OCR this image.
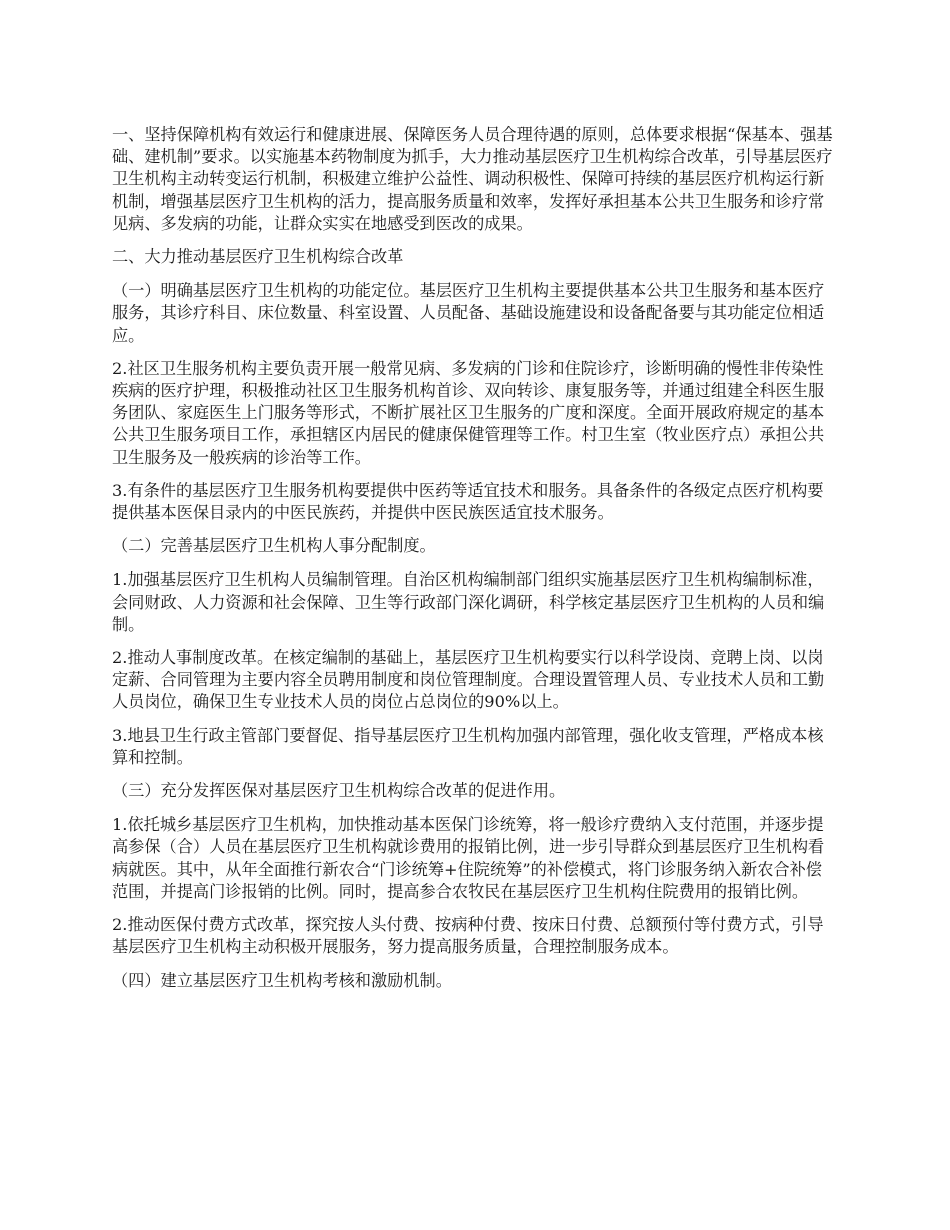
一、坚持保障机构有效运行和健康进展、保障医务人员合理待遇的原则，总体要求根据“保基本、强基础、建机制”要求。以实施基本药物制度为抓手，大力推动基层医疗卫生机构综合改革，引导基层医疗卫生机构主动转变运行机制，积极建立维护公益性、调动积极性、保障可持续的基层医疗机构运行新机制，增强基层医疗卫生机构的活力，提高服务质量和效率，发挥好承担基本公共卫生服务和诊疗常见病、多发病的功能，让群众实实在地感受到医改的成果。

二、大力推动基层医疗卫生机构综合改革

（一）明确基层医疗卫生机构的功能定位。基层医疗卫生机构主要提供基本公共卫生服务和基本医疗服务，其诊疗科目、床位数量、科室设置、人员配备、基础设施建设和设备配备要与其功能定位相适应。

2.社区卫生服务机构主要负责开展一般常见病、多发病的门诊和住院诊疗，诊断明确的慢性非传染性疾病的医疗护理，积极推动社区卫生服务机构首诊、双向转诊、康复服务等，并通过组建全科医生服务团队、家庭医生上门服务等形式，不断扩展社区卫生服务的广度和深度。全面开展政府规定的基本公共卫生服务项目工作，承担辖区内居民的健康保健管理等工作。村卫生室（牧业医疗点）承担公共卫生服务及一般疾病的诊治等工作。

3.有条件的基层医疗卫生服务机构要提供中医药等适宜技术和服务。具备条件的各级定点医疗机构要提供基本医保目录内的中医民族药，并提供中医民族医适宜技术服务。

（二）完善基层医疗卫生机构人事分配制度。

1.加强基层医疗卫生机构人员编制管理。自治区机构编制部门组织实施基层医疗卫生机构编制标准，会同财政、人力资源和社会保障、卫生等行政部门深化调研，科学核定基层医疗卫生机构的人员和编制。

2.推动人事制度改革。在核定编制的基础上，基层医疗卫生机构要实行以科学设岗、竞聘上岗、以岗定薪、合同管理为主要内容全员聘用制度和岗位管理制度。合理设置管理人员、专业技术人员和工勤人员岗位，确保卫生专业技术人员的岗位占总岗位的90%以上。

3.地县卫生行政主管部门要督促、指导基层医疗卫生机构加强内部管理，强化收支管理，严格成本核算和控制。

（三）充分发挥医保对基层医疗卫生机构综合改革的促进作用。

1.依托城乡基层医疗卫生机构，加快推动基本医保门诊统筹，将一般诊疗费纳入支付范围，并逐步提高参保（合）人员在基层医疗卫生机构就诊费用的报销比例，进一步引导群众到基层医疗卫生机构看病就医。其中，从年全面推行新农合“门诊统筹+住院统筹”的补偿模式，将门诊服务纳入新农合补偿范围，并提高门诊报销的比例。同时，提高参合农牧民在基层医疗卫生机构住院费用的报销比例。

2.推动医保付费方式改革，探究按人头付费、按病种付费、按床日付费、总额预付等付费方式，引导基层医疗卫生机构主动积极开展服务，努力提高服务质量，合理控制服务成本。

（四）建立基层医疗卫生机构考核和激励机制。
